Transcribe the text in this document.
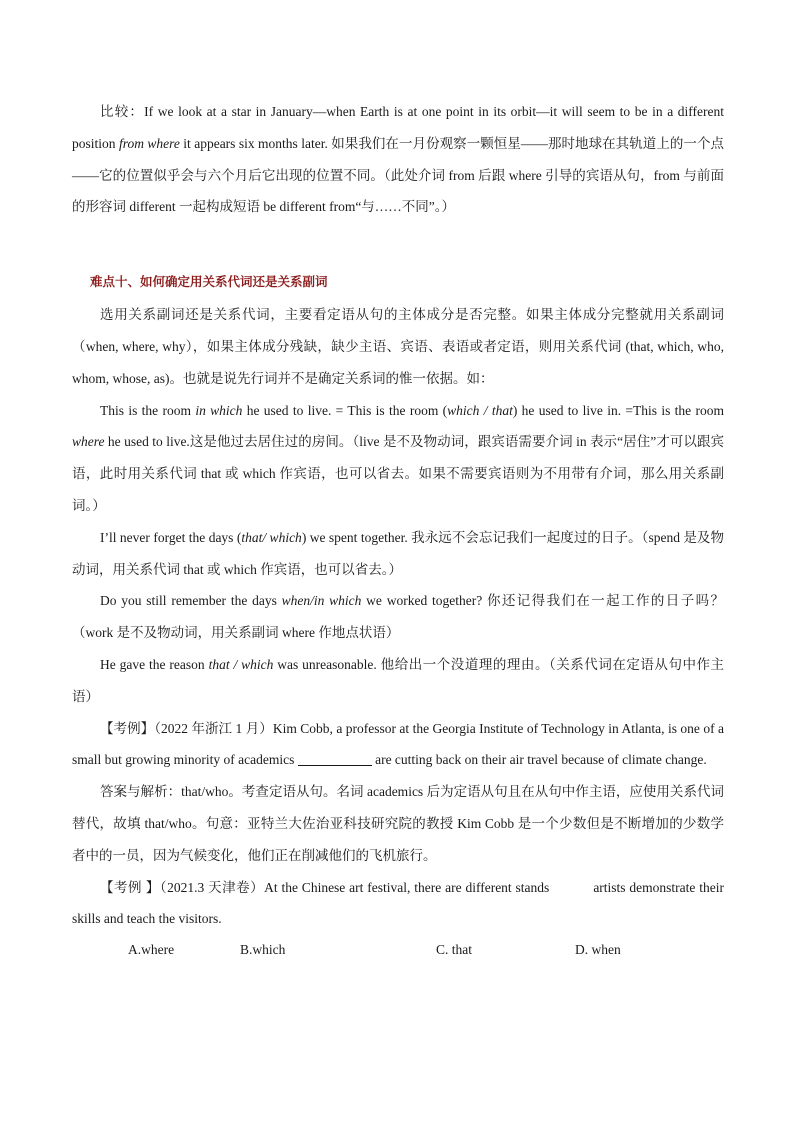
比较：If we look at a star in January—when Earth is at one point in its orbit—it will seem to be in a different position from where it appears six months later. 如果我们在一月份观察一颗恒星——那时地球在其轨道上的一个点——它的位置似乎会与六个月后它出现的位置不同。（此处介词 from 后跟 where 引导的宾语从句，from 与前面的形容词 different 一起构成短语 be different from“与……不同”。）

难点十、如何确定用关系代词还是关系副词

选用关系副词还是关系代词，主要看定语从句的主体成分是否完整。如果主体成分完整就用关系副词（when, where, why），如果主体成分残缺，缺少主语、宾语、表语或者定语，则用关系代词 (that, which, who, whom, whose, as)。也就是说先行词并不是确定关系词的惟一依据。如：

This is the room in which he used to live. = This is the room (which / that) he used to live in. =This is the room where he used to live.这是他过去居住过的房间。（live 是不及物动词，跟宾语需要介词 in 表示“居住”才可以跟宾语，此时用关系代词 that 或 which 作宾语，也可以省去。如果不需要宾语则为不用带有介词，那么用关系副词。）

I’ll never forget the days (that/ which) we spent together. 我永远不会忘记我们一起度过的日子。（spend 是及物动词，用关系代词 that 或 which 作宾语，也可以省去。）

Do you still remember the days when/in which we worked together? 你还记得我们在一起工作的日子吗？（work 是不及物动词，用关系副词 where 作地点状语）

He gave the reason that / which was unreasonable. 他给出一个没道理的理由。（关系代词在定语从句中作主语）

【考例】（2022 年浙江 1 月）Kim Cobb, a professor at the Georgia Institute of Technology in Atlanta, is one of a small but growing minority of academics	are cutting back on their air travel because of climate change.

答案与解析：that/who。考查定语从句。名词 academics 后为定语从句且在从句中作主语，应使用关系代词替代，故填 that/who。句意：亚特兰大佐治亚科技研究院的教授 Kim Cobb 是一个少数但是不断增加的少数学者中的一员，因为气候变化，他们正在削减他们的飞机旅行。

【考例 】（2021.3 天津卷）At the Chinese art festival, there are different stands	artists demonstrate their skills and teach the visitors.

A.where	B.which	C. that	D. when
